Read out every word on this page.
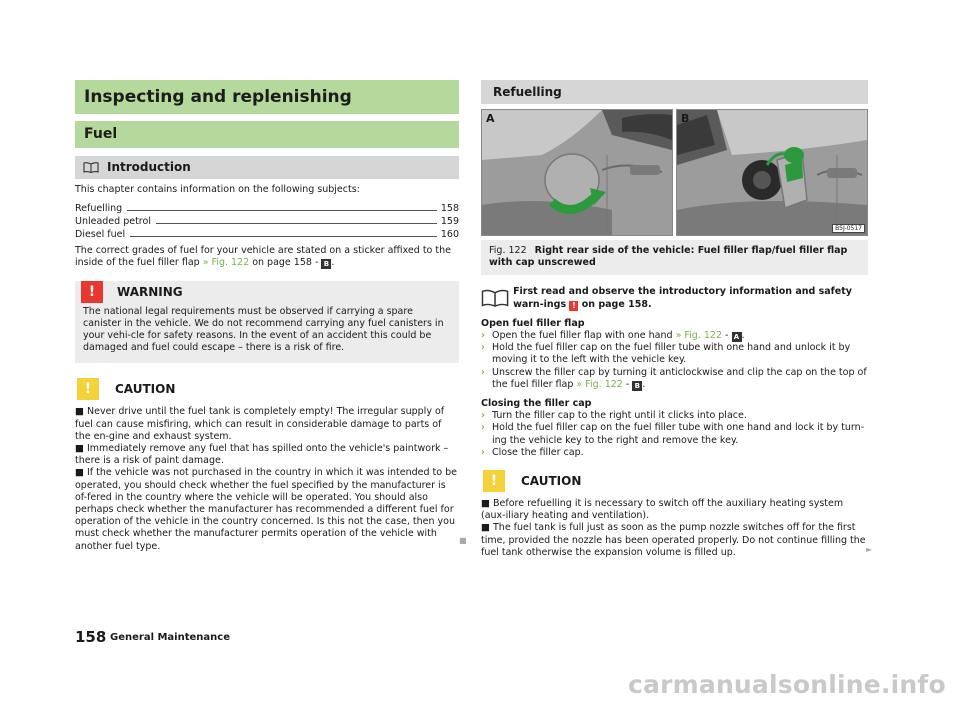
Inspecting and replenishing
Fuel
Introduction
This chapter contains information on the following subjects:
Refuelling	158
Unleaded petrol	159
Diesel fuel	160
The correct grades of fuel for your vehicle are stated on a sticker affixed to the inside of the fuel filler flap » Fig. 122 on page 158 - B .
!	WARNING
The national legal requirements must be observed if carrying a spare canister in the vehicle. We do not recommend carrying any fuel canisters in your vehi-cle for safety reasons. In the event of an accident this could be damaged and fuel could escape – there is a risk of fire.
!	CAUTION
■ Never drive until the fuel tank is completely empty! The irregular supply of fuel can cause misfiring, which can result in considerable damage to parts of the en-gine and exhaust system.
■ Immediately remove any fuel that has spilled onto the vehicle's paintwork – there is a risk of paint damage.
■ If the vehicle was not purchased in the country in which it was intended to be operated, you should check whether the fuel specified by the manufacturer is of-fered in the country where the vehicle will be operated. You should also perhaps check whether the manufacturer has recommended a different fuel for operation of the vehicle in the country concerned. Is this not the case, then you must check whether the manufacturer permits operation of the vehicle with another fuel type.
■
Refuelling
A	B
B5J-0517
Fig. 122 Right rear side of the vehicle: Fuel filler flap/fuel filler flap with cap unscrewed
First read and observe the introductory information and safety warn-ings ! on page 158.
Open fuel filler flap
› Open the fuel filler flap with one hand » Fig. 122 - A .
› Hold the fuel filler cap on the fuel filler tube with one hand and unlock it by moving it to the left with the vehicle key.
› Unscrew the filler cap by turning it anticlockwise and clip the cap on the top of the fuel filler flap » Fig. 122 - B .
Closing the filler cap
› Turn the filler cap to the right until it clicks into place.
› Hold the fuel filler cap on the fuel filler tube with one hand and lock it by turn-ing the vehicle key to the right and remove the key.
› Close the filler cap.
!	CAUTION
■ Before refuelling it is necessary to switch off the auxiliary heating system (aux-iliary heating and ventilation).
■ The fuel tank is full just as soon as the pump nozzle switches off for the first time, provided the nozzle has been operated properly. Do not continue filling the fuel tank otherwise the expansion volume is filled up.	►
158 General Maintenance
carmanualsonline.info
